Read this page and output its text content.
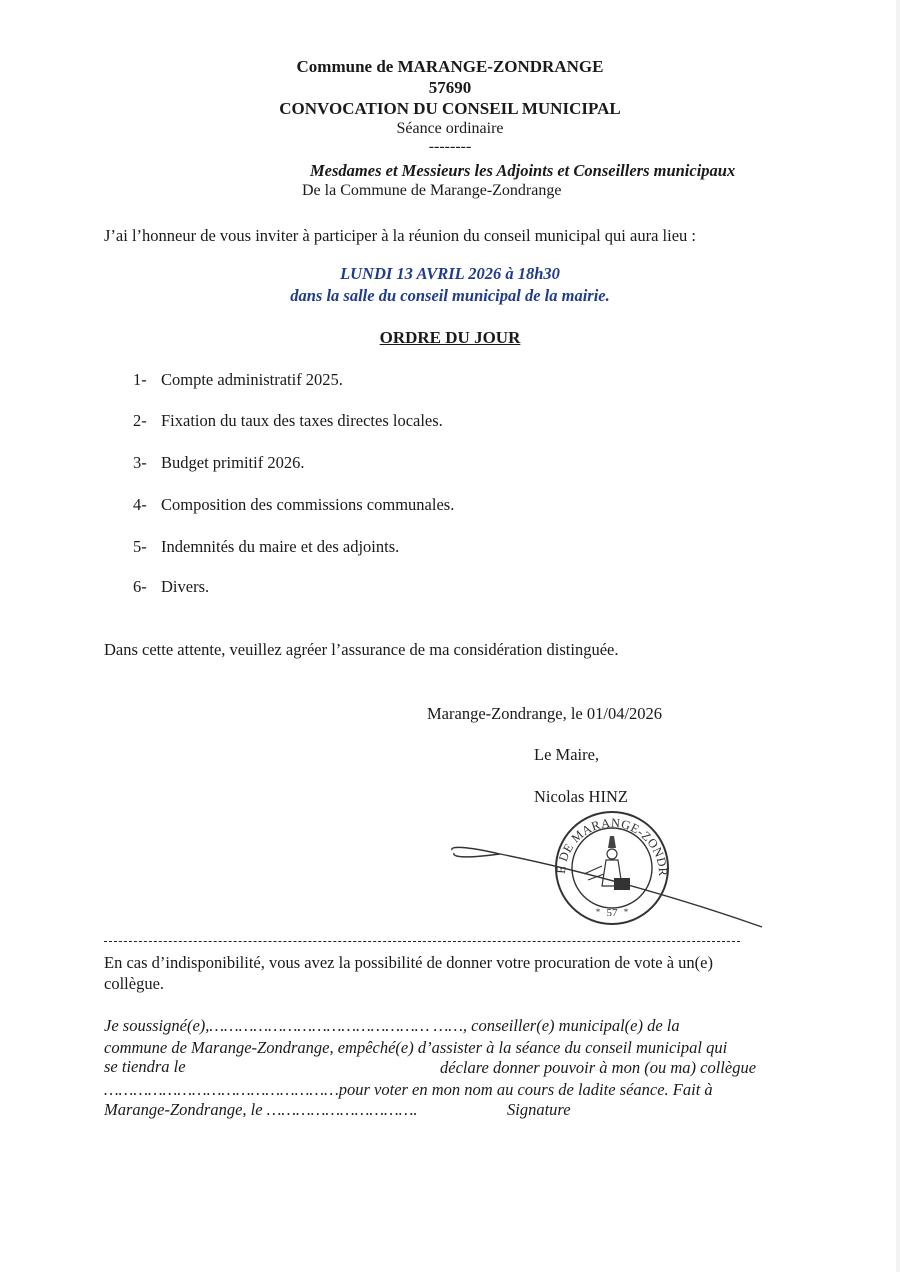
Commune de MARANGE-ZONDRANGE
57690
CONVOCATION DU CONSEIL MUNICIPAL
Séance ordinaire
--------
Mesdames et Messieurs les Adjoints et Conseillers municipaux
De la Commune de Marange-Zondrange
J’ai l’honneur de vous inviter à participer à la réunion du conseil municipal qui aura lieu :
LUNDI 13 AVRIL 2026 à 18h30
dans la salle du conseil municipal de la mairie.
ORDRE DU JOUR
1- Compte administratif 2025.
2- Fixation du taux des taxes directes locales.
3- Budget primitif 2026.
4- Composition des commissions communales.
5- Indemnités du maire et des adjoints.
6- Divers.
Dans cette attente, veuillez agréer l’assurance de ma considération distinguée.
Marange-Zondrange, le 01/04/2026
Le Maire,
Nicolas HINZ
MAIRIE DE MARANGE-ZONDRANGE
57
*	*
En cas d’indisponibilité, vous avez la possibilité de donner votre procuration de vote à un(e)
collègue.
Je soussigné(e),……………………………………… ……, conseiller(e) municipal(e) de la
commune de Marange-Zondrange, empêché(e) d’assister à la séance du conseil municipal qui
se tiendra le	déclare donner pouvoir à mon (ou ma) collègue
…………………………………………pour voter en mon nom au cours de ladite séance. Fait à
Marange-Zondrange, le ………………………….	Signature
